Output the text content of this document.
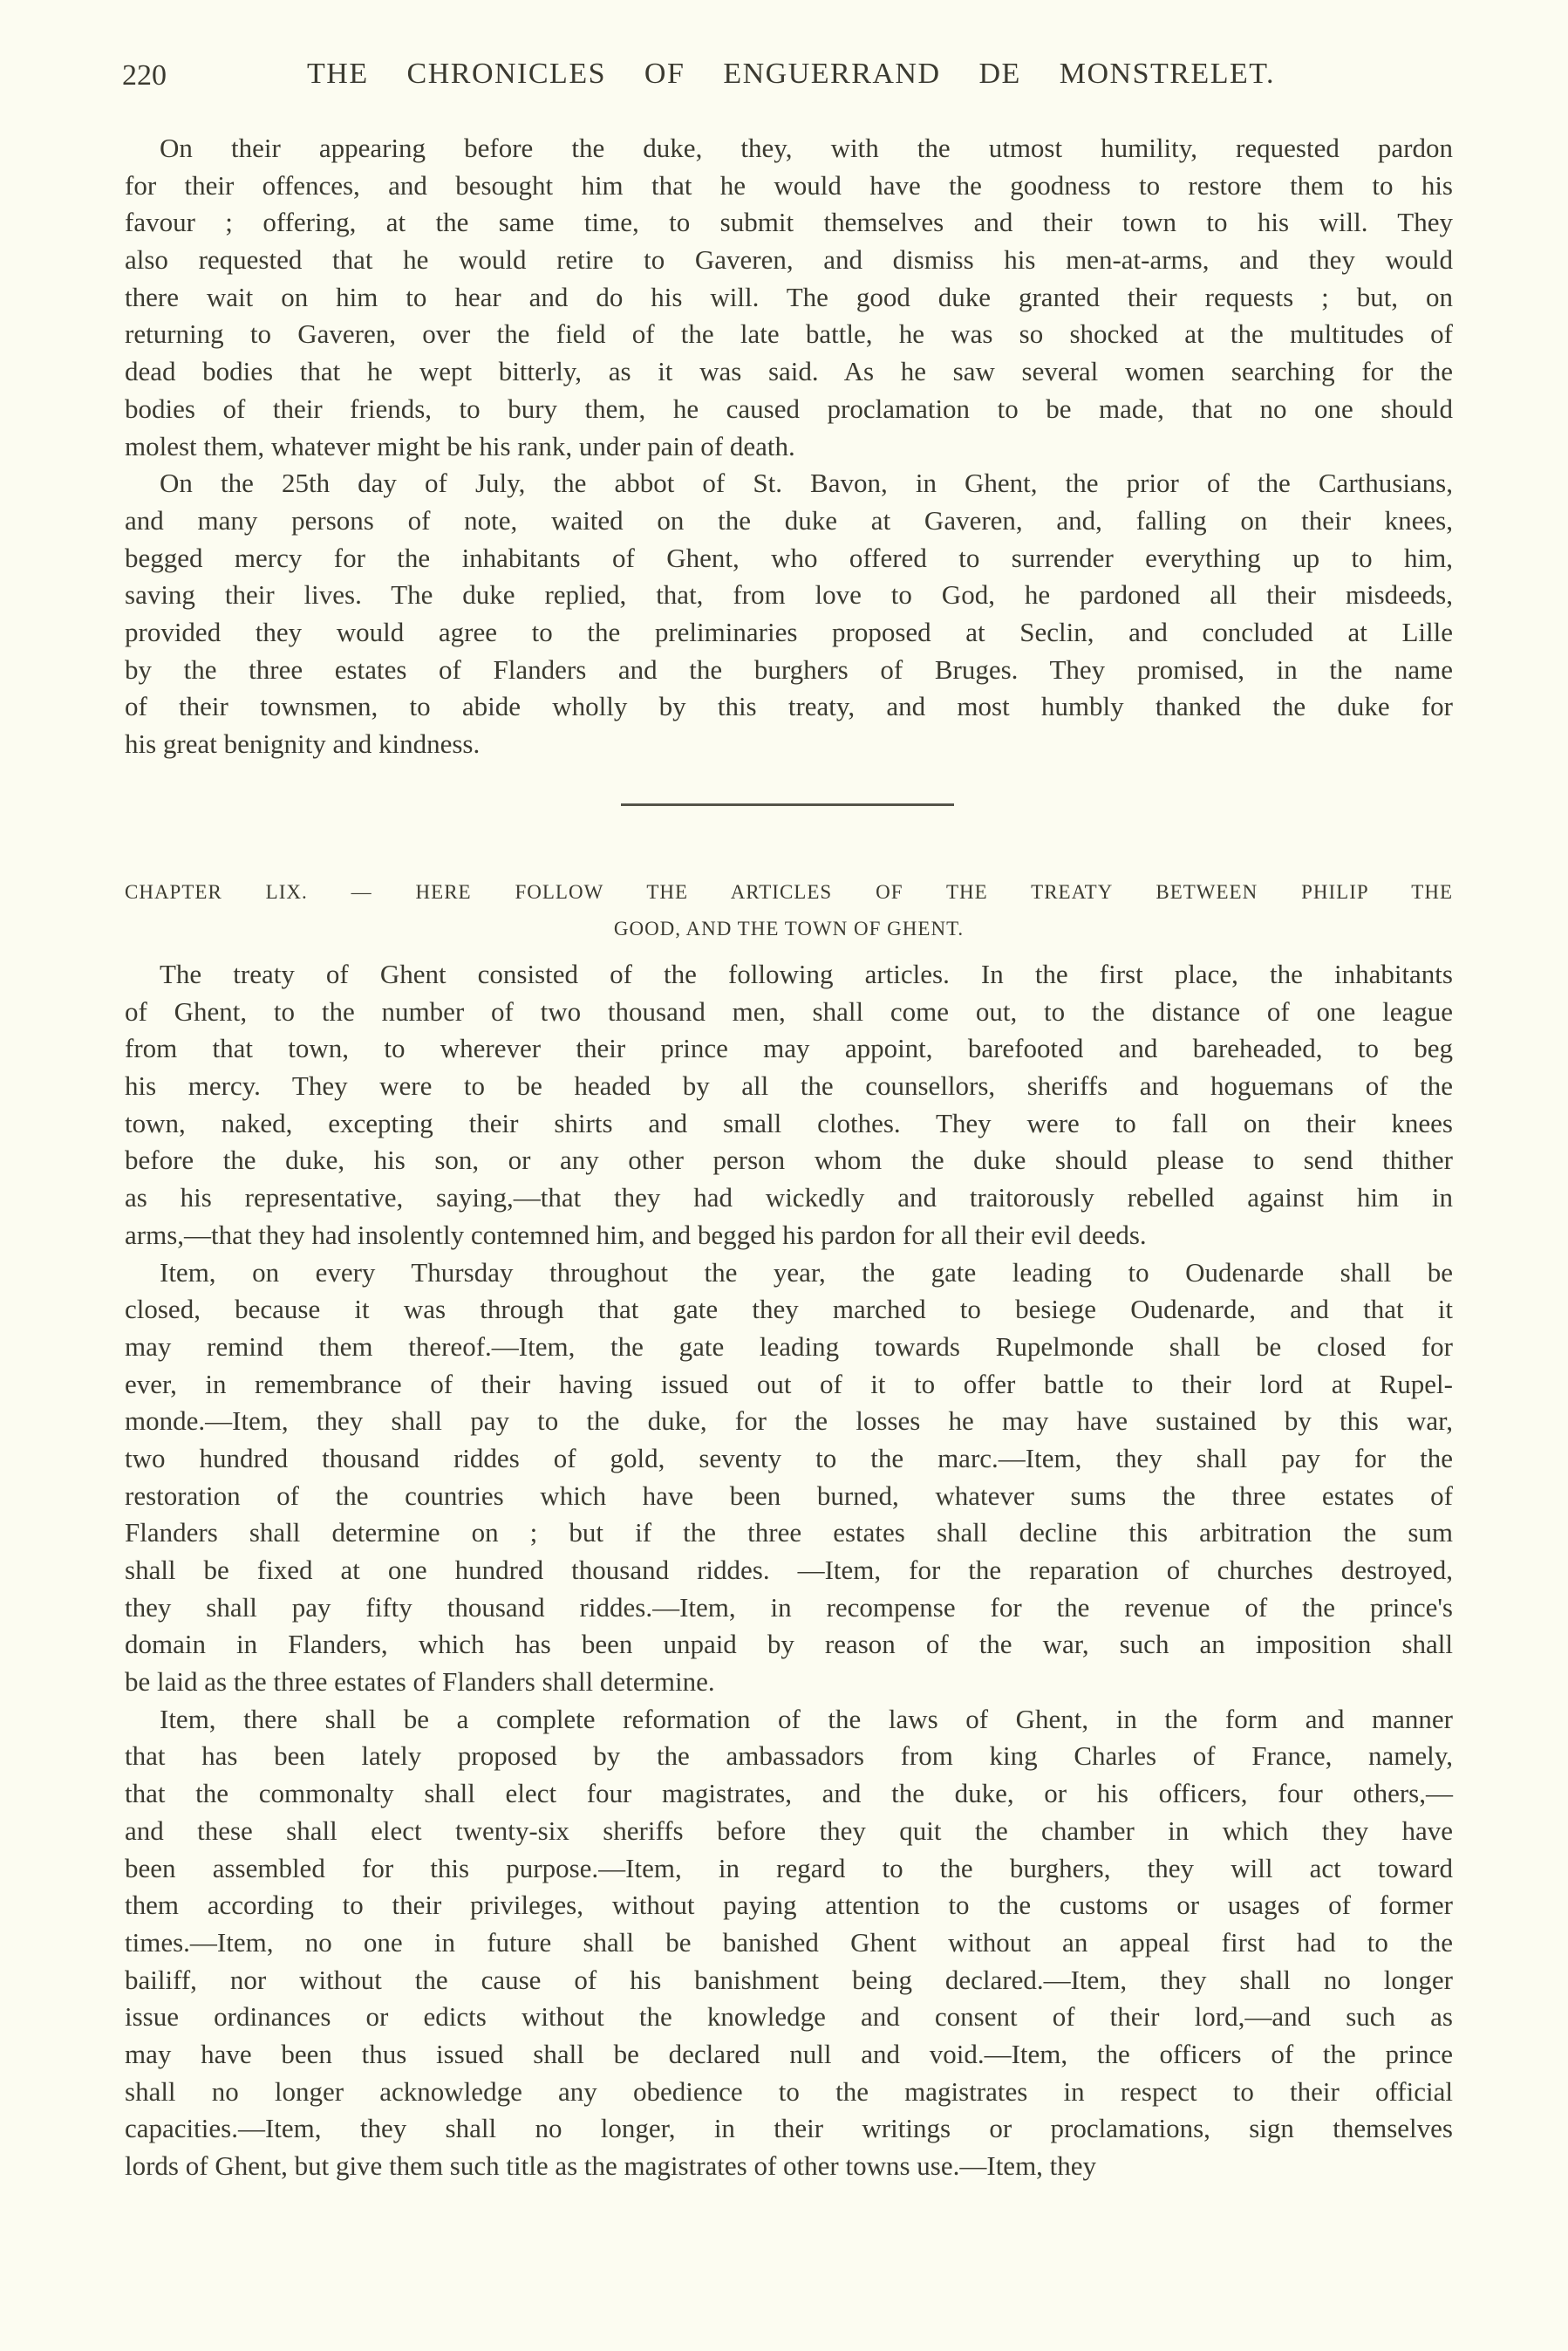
220	THE CHRONICLES OF ENGUERRAND DE MONSTRELET.
On their appearing before the duke, they, with the utmost humility, requested pardon
for their offences, and besought him that he would have the goodness to restore them to his
favour ; offering, at the same time, to submit themselves and their town to his will. They
also requested that he would retire to Gaveren, and dismiss his men-at-arms, and they would
there wait on him to hear and do his will. The good duke granted their requests ; but, on
returning to Gaveren, over the field of the late battle, he was so shocked at the multitudes of
dead bodies that he wept bitterly, as it was said. As he saw several women searching for the
bodies of their friends, to bury them, he caused proclamation to be made, that no one should
molest them, whatever might be his rank, under pain of death.
On the 25th day of July, the abbot of St. Bavon, in Ghent, the prior of the Carthusians,
and many persons of note, waited on the duke at Gaveren, and, falling on their knees,
begged mercy for the inhabitants of Ghent, who offered to surrender everything up to him,
saving their lives. The duke replied, that, from love to God, he pardoned all their misdeeds,
provided they would agree to the preliminaries proposed at Seclin, and concluded at Lille
by the three estates of Flanders and the burghers of Bruges. They promised, in the name
of their townsmen, to abide wholly by this treaty, and most humbly thanked the duke for
his great benignity and kindness.
CHAPTER LIX. — HERE FOLLOW THE ARTICLES OF THE TREATY BETWEEN PHILIP THE
GOOD, AND THE TOWN OF GHENT.
The treaty of Ghent consisted of the following articles. In the first place, the inhabitants
of Ghent, to the number of two thousand men, shall come out, to the distance of one league
from that town, to wherever their prince may appoint, barefooted and bareheaded, to beg
his mercy. They were to be headed by all the counsellors, sheriffs and hoguemans of the
town, naked, excepting their shirts and small clothes. They were to fall on their knees
before the duke, his son, or any other person whom the duke should please to send thither
as his representative, saying,—that they had wickedly and traitorously rebelled against him in
arms,—that they had insolently contemned him, and begged his pardon for all their evil deeds.
Item, on every Thursday throughout the year, the gate leading to Oudenarde shall be
closed, because it was through that gate they marched to besiege Oudenarde, and that it
may remind them thereof.—Item, the gate leading towards Rupelmonde shall be closed for
ever, in remembrance of their having issued out of it to offer battle to their lord at Rupel-
monde.—Item, they shall pay to the duke, for the losses he may have sustained by this war,
two hundred thousand riddes of gold, seventy to the marc.—Item, they shall pay for the
restoration of the countries which have been burned, whatever sums the three estates of
Flanders shall determine on ; but if the three estates shall decline this arbitration the sum
shall be fixed at one hundred thousand riddes. —Item, for the reparation of churches destroyed,
they shall pay fifty thousand riddes.—Item, in recompense for the revenue of the prince's
domain in Flanders, which has been unpaid by reason of the war, such an imposition shall
be laid as the three estates of Flanders shall determine.
Item, there shall be a complete reformation of the laws of Ghent, in the form and manner
that has been lately proposed by the ambassadors from king Charles of France, namely,
that the commonalty shall elect four magistrates, and the duke, or his officers, four others,—
and these shall elect twenty-six sheriffs before they quit the chamber in which they have
been assembled for this purpose.—Item, in regard to the burghers, they will act toward
them according to their privileges, without paying attention to the customs or usages of former
times.—Item, no one in future shall be banished Ghent without an appeal first had to the
bailiff, nor without the cause of his banishment being declared.—Item, they shall no longer
issue ordinances or edicts without the knowledge and consent of their lord,—and such as
may have been thus issued shall be declared null and void.—Item, the officers of the prince
shall no longer acknowledge any obedience to the magistrates in respect to their official
capacities.—Item, they shall no longer, in their writings or proclamations, sign themselves
lords of Ghent, but give them such title as the magistrates of other towns use.—Item, they
